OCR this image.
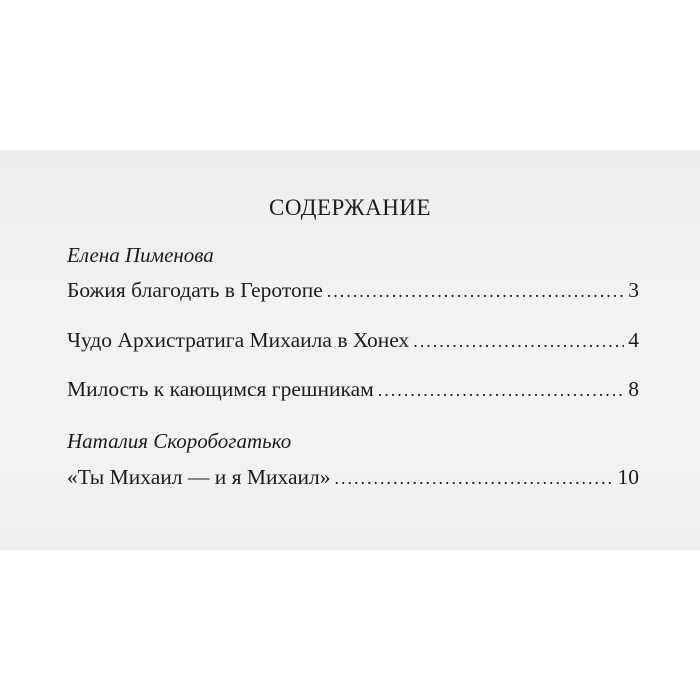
СОДЕРЖАНИЕ
Елена Пименова
Божия благодать в Геротопе .....	3
Чудо Архистратига Михаила в Хонех .....	4
Милость к кающимся грешникам .....	8
Наталия Скоробогатько
«Ты Михаил — и я Михаил» .....	10
